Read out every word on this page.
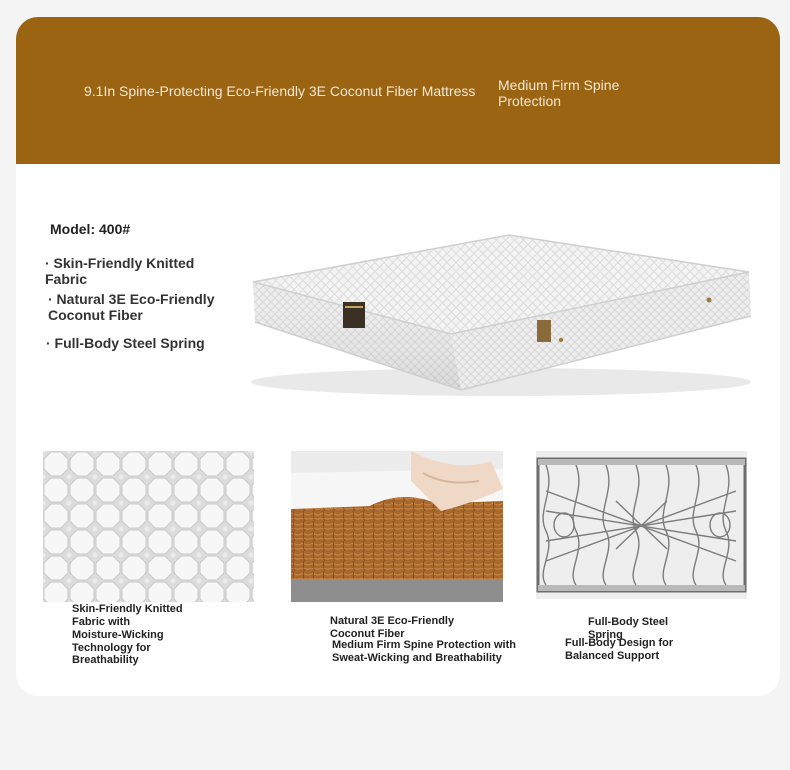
9.1In Spine-Protecting Eco-Friendly 3E Coconut Fiber Mattress Medium Firm Spine Protection
Model: 400#
· Skin-Friendly Knitted Fabric
· Natural 3E Eco-Friendly Coconut Fiber
· Full-Body Steel Spring
Skin-Friendly Knitted Fabric with
Moisture-Wicking Technology for Breathability
Natural 3E Eco-Friendly Coconut Fiber
Medium Firm Spine Protection with Sweat-Wicking and Breathability
Full-Body Steel Spring
Full-Body Design for Balanced Support
